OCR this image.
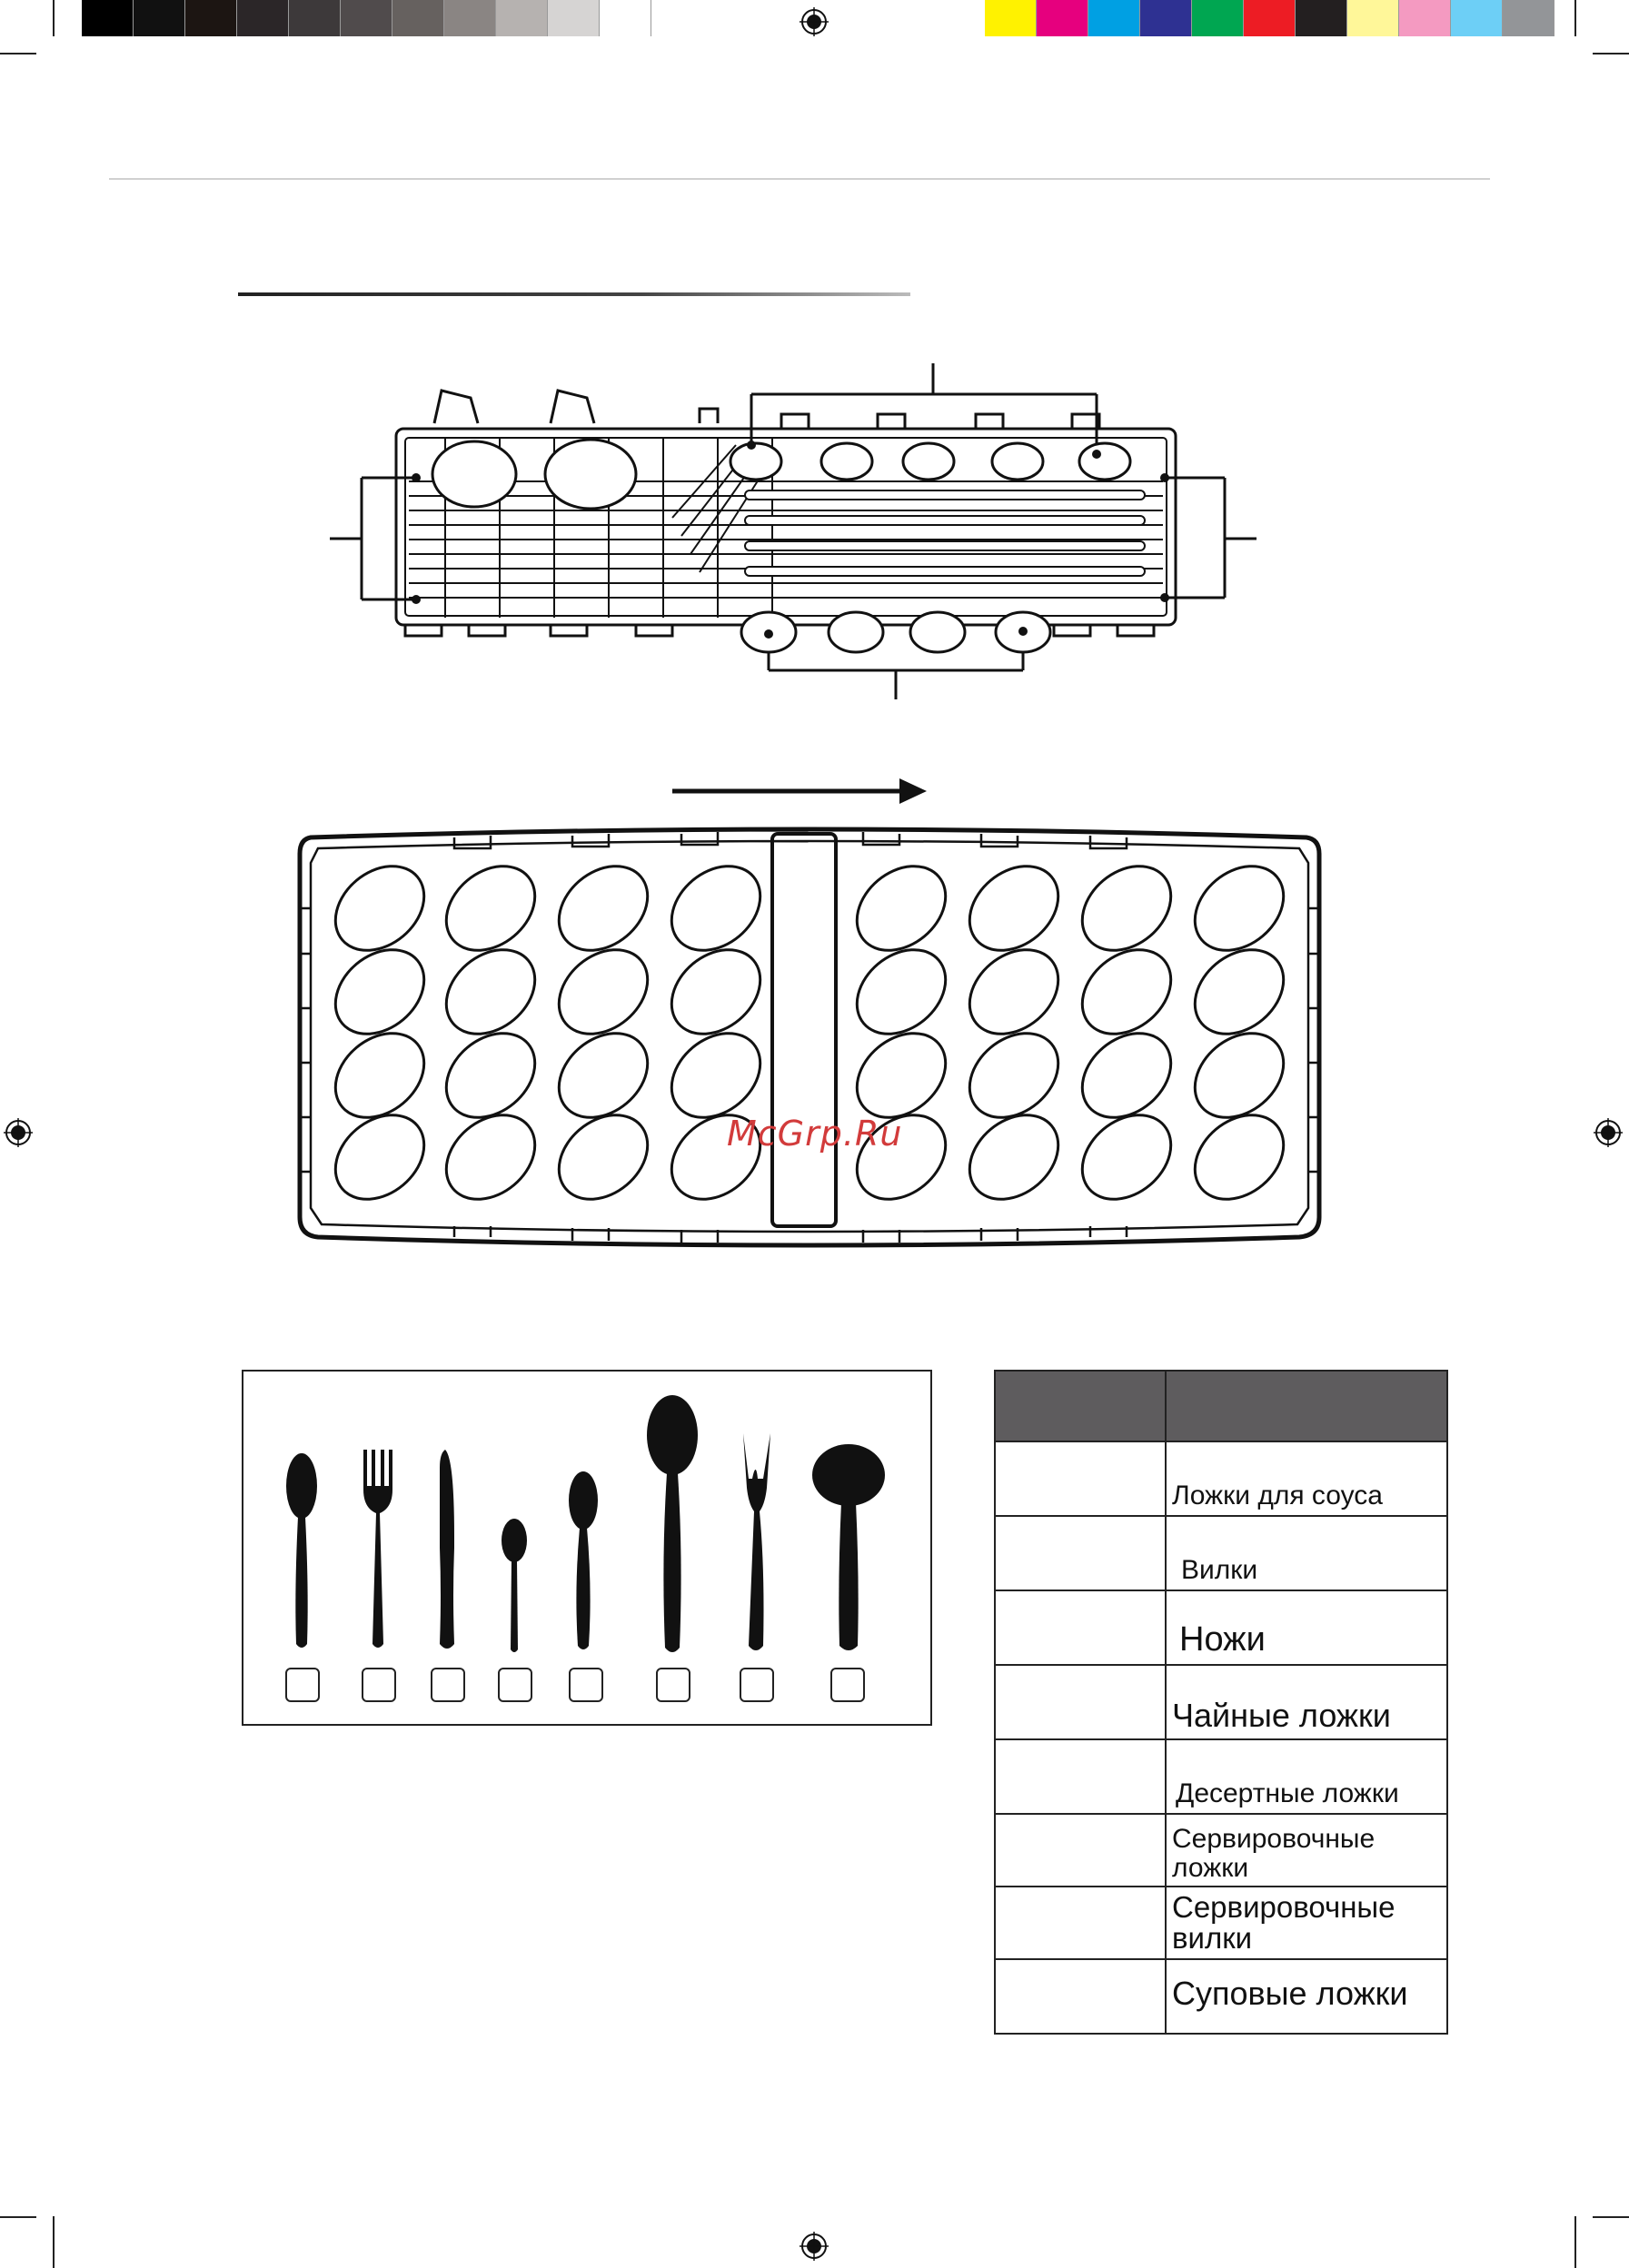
McGrp.Ru

	Ложки для соуса
	Вилки
	Ножи
	Чайные ложки
	Десертные ложки
	Сервировочные ложки
	Сервировочные вилки
	Суповые ложки
